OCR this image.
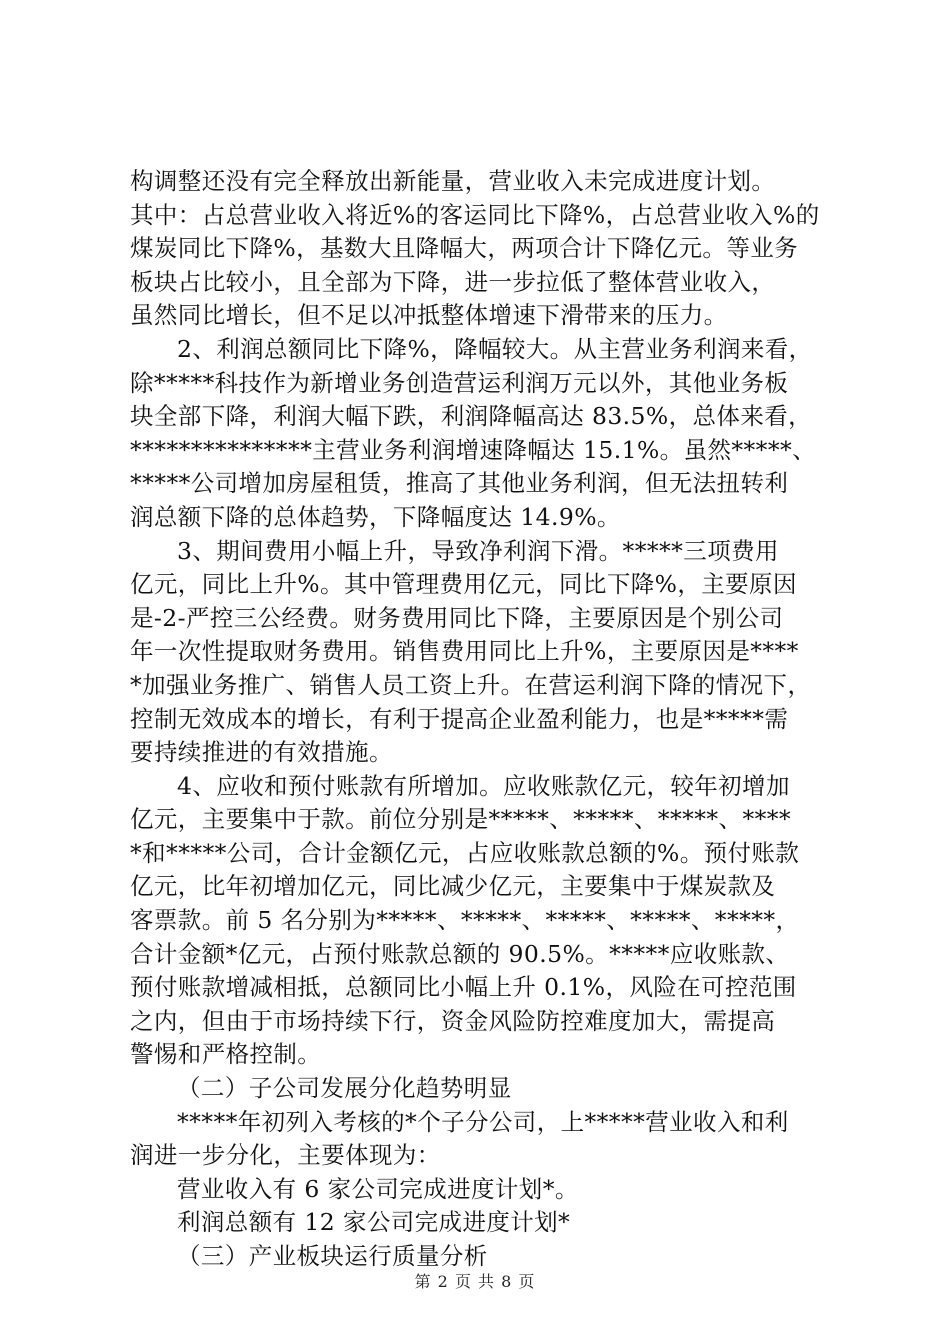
构调整还没有完全释放出新能量，营业收入未完成进度计划。
其中：占总营业收入将近%的客运同比下降%，占总营业收入%的
煤炭同比下降%，基数大且降幅大，两项合计下降亿元。等业务
板块占比较小，且全部为下降，进一步拉低了整体营业收入，
虽然同比增长，但不足以冲抵整体增速下滑带来的压力。
2、利润总额同比下降%，降幅较大。从主营业务利润来看，
除*****科技作为新增业务创造营运利润万元以外，其他业务板
块全部下降，利润大幅下跌，利润降幅高达 83.5%，总体来看，
***************主营业务利润增速降幅达 15.1%。虽然*****、
*****公司增加房屋租赁，推高了其他业务利润，但无法扭转利
润总额下降的总体趋势，下降幅度达 14.9%。
3、期间费用小幅上升，导致净利润下滑。*****三项费用
亿元，同比上升%。其中管理费用亿元，同比下降%，主要原因
是-2-严控三公经费。财务费用同比下降，主要原因是个别公司
年一次性提取财务费用。销售费用同比上升%，主要原因是****
*加强业务推广、销售人员工资上升。在营运利润下降的情况下，
控制无效成本的增长，有利于提高企业盈利能力，也是*****需
要持续推进的有效措施。
4、应收和预付账款有所增加。应收账款亿元，较年初增加
亿元，主要集中于款。前位分别是*****、*****、*****、****
*和*****公司，合计金额亿元，占应收账款总额的%。预付账款
亿元，比年初增加亿元，同比减少亿元，主要集中于煤炭款及
客票款。前 5 名分别为*****、*****、*****、*****、*****，
合计金额*亿元，占预付账款总额的 90.5%。*****应收账款、
预付账款增减相抵，总额同比小幅上升 0.1%，风险在可控范围
之内，但由于市场持续下行，资金风险防控难度加大，需提高
警惕和严格控制。
（二）子公司发展分化趋势明显
*****年初列入考核的*个子分公司，上*****营业收入和利
润进一步分化，主要体现为：
营业收入有 6 家公司完成进度计划*。
利润总额有 12 家公司完成进度计划*
（三）产业板块运行质量分析
第 2 页 共 8 页
